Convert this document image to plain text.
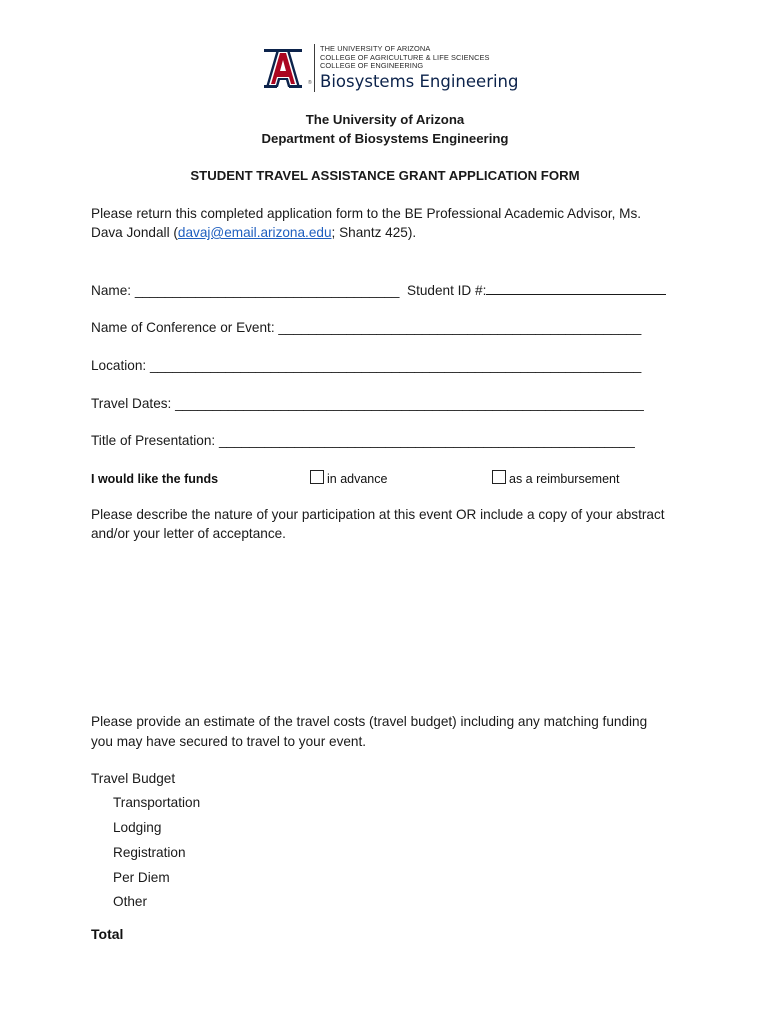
®
THE UNIVERSITY OF ARIZONA
COLLEGE OF AGRICULTURE & LIFE SCIENCES
COLLEGE OF ENGINEERING
Biosystems Engineering
The University of Arizona
Department of Biosystems Engineering
STUDENT TRAVEL ASSISTANCE GRANT APPLICATION FORM
Please return this completed application form to the BE Professional Academic Advisor, Ms.
Dava Jondall (davaj@email.arizona.edu; Shantz 425).
Name: ___________________________________ Student ID #:
Name of Conference or Event: ________________________________________________
Location: _________________________________________________________________
Travel Dates: ______________________________________________________________
Title of Presentation: _______________________________________________________
I would like the funds	in advance	as a reimbursement
Please describe the nature of your participation at this event OR include a copy of your abstract
and/or your letter of acceptance.
Please provide an estimate of the travel costs (travel budget) including any matching funding
you may have secured to travel to your event.
Travel Budget
Transportation
Lodging
Registration
Per Diem
Other
Total
